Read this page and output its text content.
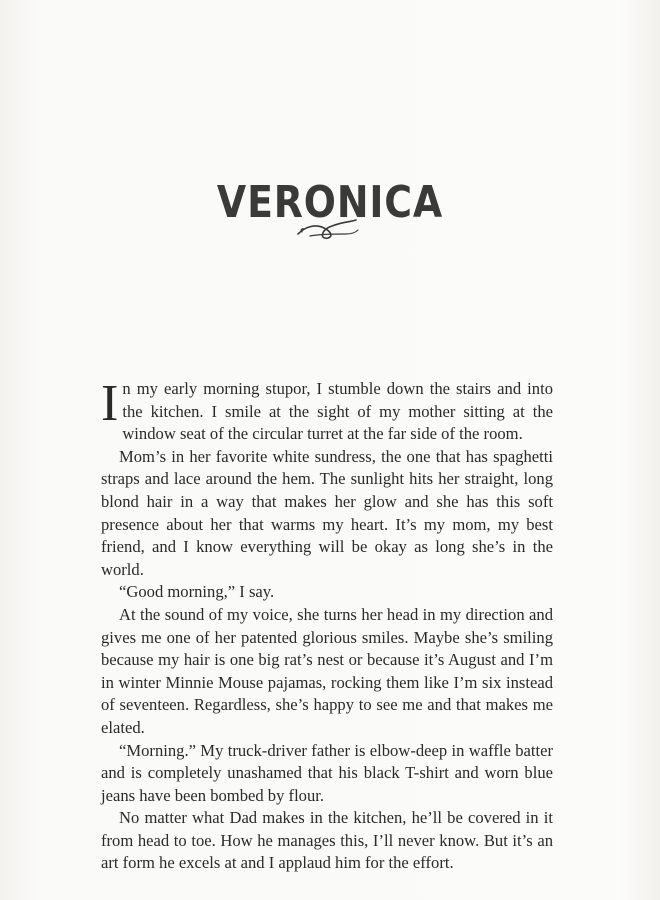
VERONICA

In my early morning stupor, I stumble down the stairs and into the kitchen. I smile at the sight of my mother sitting at the window seat of the circular turret at the far side of the room.

Mom’s in her favorite white sundress, the one that has spaghetti straps and lace around the hem. The sunlight hits her straight, long blond hair in a way that makes her glow and she has this soft presence about her that warms my heart. It’s my mom, my best friend, and I know everything will be okay as long she’s in the world.

“Good morning,” I say.

At the sound of my voice, she turns her head in my direction and gives me one of her patented glorious smiles. Maybe she’s smiling because my hair is one big rat’s nest or because it’s August and I’m in winter Minnie Mouse pajamas, rocking them like I’m six instead of seventeen. Regardless, she’s happy to see me and that makes me elated.

“Morning.” My truck-driver father is elbow-deep in waffle batter and is completely unashamed that his black T-shirt and worn blue jeans have been bombed by flour.

No matter what Dad makes in the kitchen, he’ll be covered in it from head to toe. How he manages this, I’ll never know. But it’s an art form he excels at and I applaud him for the effort.
